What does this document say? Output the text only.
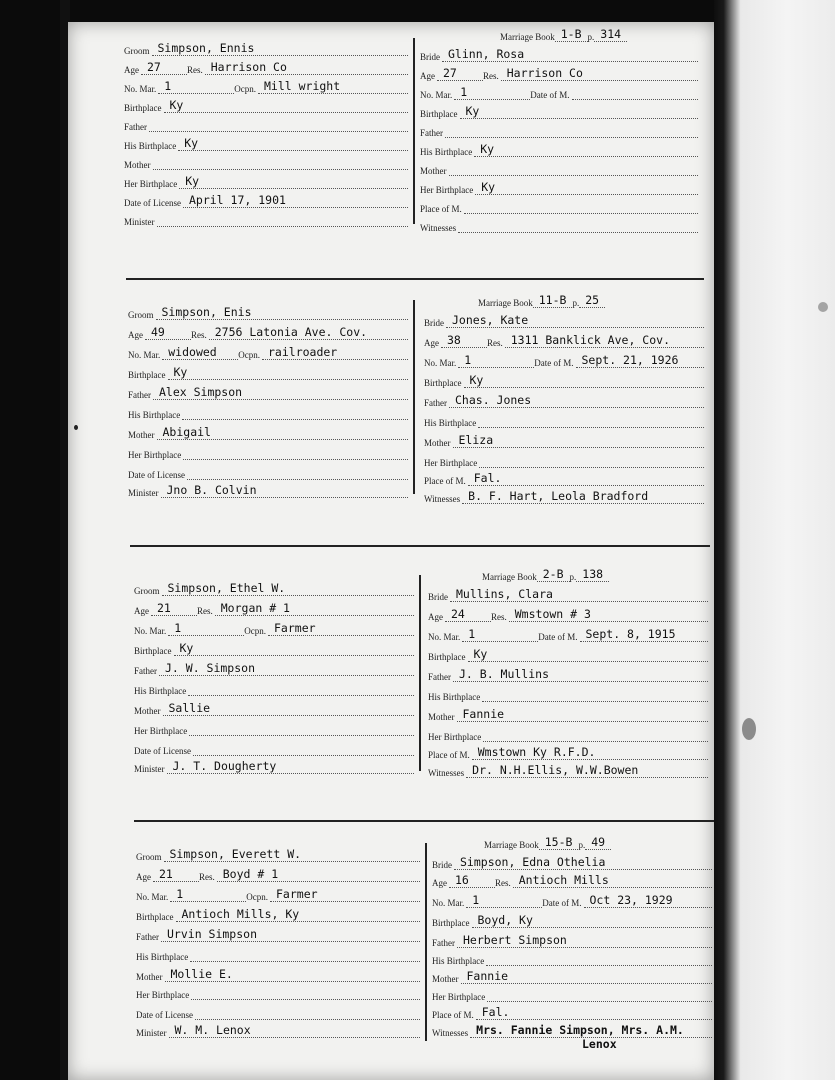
Groom Simpson, Ennis
Age 27	Res. Harrison Co
No. Mar. 1	Ocpn. Mill wright
Birthplace Ky
Father
His Birthplace Ky
Mother
Her Birthplace Ky
Date of License April 17, 1901
Minister
Marriage Book 1-B p. 314
Bride Glinn, Rosa
Age 27	Res. Harrison Co
No. Mar. 1	Date of M.
Birthplace Ky
Father
His Birthplace Ky
Mother
Her Birthplace Ky
Place of M.
Witnesses
Groom Simpson, Enis
Age 49	Res. 2756 Latonia Ave. Cov.
No. Mar. widowed	Ocpn. railroader
Birthplace Ky
Father Alex Simpson
His Birthplace
Mother Abigail
Her Birthplace
Date of License
Minister Jno B. Colvin
Marriage Book 11-B p. 25
Bride Jones, Kate
Age 38	Res. 1311 Banklick Ave, Cov.
No. Mar. 1	Date of M. Sept. 21, 1926
Birthplace Ky
Father Chas. Jones
His Birthplace
Mother Eliza
Her Birthplace
Place of M. Fal.
Witnesses B. F. Hart, Leola Bradford
Groom Simpson, Ethel W.
Age 21	Res. Morgan # 1
No. Mar. 1	Ocpn. Farmer
Birthplace Ky
Father J. W. Simpson
His Birthplace
Mother Sallie
Her Birthplace
Date of License
Minister J. T. Dougherty
Marriage Book 2-B p. 138
Bride Mullins, Clara
Age 24	Res. Wmstown # 3
No. Mar. 1	Date of M. Sept. 8, 1915
Birthplace Ky
Father J. B. Mullins
His Birthplace
Mother Fannie
Her Birthplace
Place of M. Wmstown Ky R.F.D.
Witnesses Dr. N.H.Ellis, W.W.Bowen
Groom Simpson, Everett W.
Age 21	Res. Boyd # 1
No. Mar. 1	Ocpn. Farmer
Birthplace Antioch Mills, Ky
Father Urvin Simpson
His Birthplace
Mother Mollie E.
Her Birthplace
Date of License
Minister W. M. Lenox
Marriage Book 15-B p. 49
Bride Simpson, Edna Othelia
Age 16	Res. Antioch Mills
No. Mar. 1	Date of M. Oct 23, 1929
Birthplace Boyd, Ky
Father Herbert Simpson
His Birthplace
Mother Fannie
Her Birthplace
Place of M. Fal.
Witnesses Mrs. Fannie Simpson, Mrs. A.M.
Lenox
